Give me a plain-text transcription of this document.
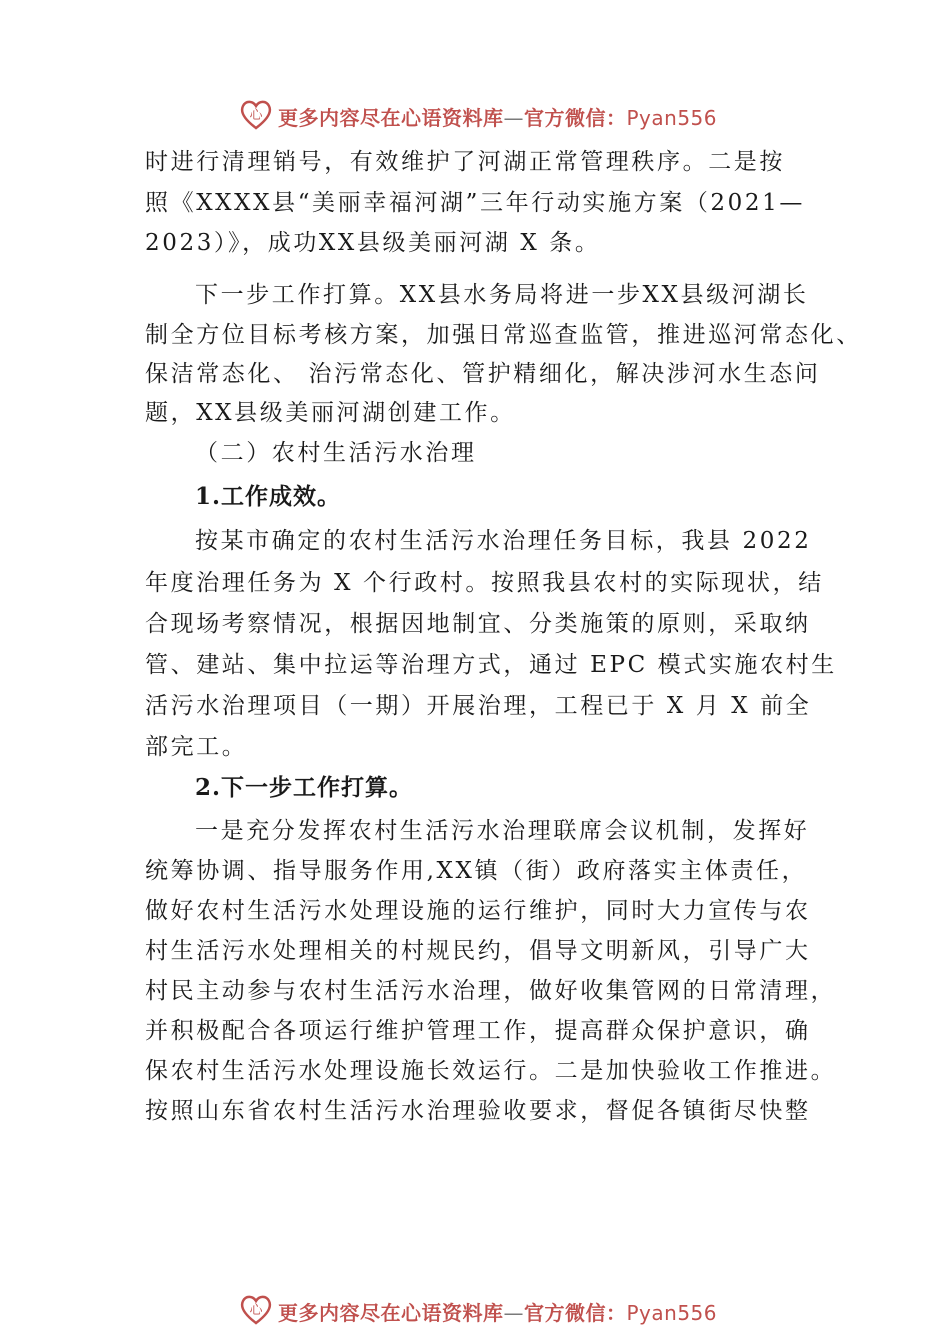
心 更多内容尽在心语资料库—官方微信：Pyan556
时进行清理销号，有效维护了河湖正常管理秩序。二是按
照《XXXX县“美丽幸福河湖”三年行动实施方案（2021—
2023）》，成功XX县级美丽河湖 X 条。
下一步工作打算。XX县水务局将进一步XX县级河湖长
制全方位目标考核方案，加强日常巡查监管，推进巡河常态化、
保洁常态化、 治污常态化、管护精细化，解决涉河水生态问
题，XX县级美丽河湖创建工作。
（二）农村生活污水治理
1.工作成效。
按某市确定的农村生活污水治理任务目标，我县 2022
年度治理任务为 X 个行政村。按照我县农村的实际现状，结
合现场考察情况，根据因地制宜、分类施策的原则，采取纳
管、建站、集中拉运等治理方式，通过 EPC 模式实施农村生
活污水治理项目（一期）开展治理，工程已于 X 月 X 前全
部完工。
2.下一步工作打算。
一是充分发挥农村生活污水治理联席会议机制，发挥好
统筹协调、指导服务作用,XX镇（街）政府落实主体责任，
做好农村生活污水处理设施的运行维护，同时大力宣传与农
村生活污水处理相关的村规民约，倡导文明新风，引导广大
村民主动参与农村生活污水治理，做好收集管网的日常清理，
并积极配合各项运行维护管理工作，提高群众保护意识，确
保农村生活污水处理设施长效运行。二是加快验收工作推进。
按照山东省农村生活污水治理验收要求，督促各镇街尽快整
心 更多内容尽在心语资料库—官方微信：Pyan556
